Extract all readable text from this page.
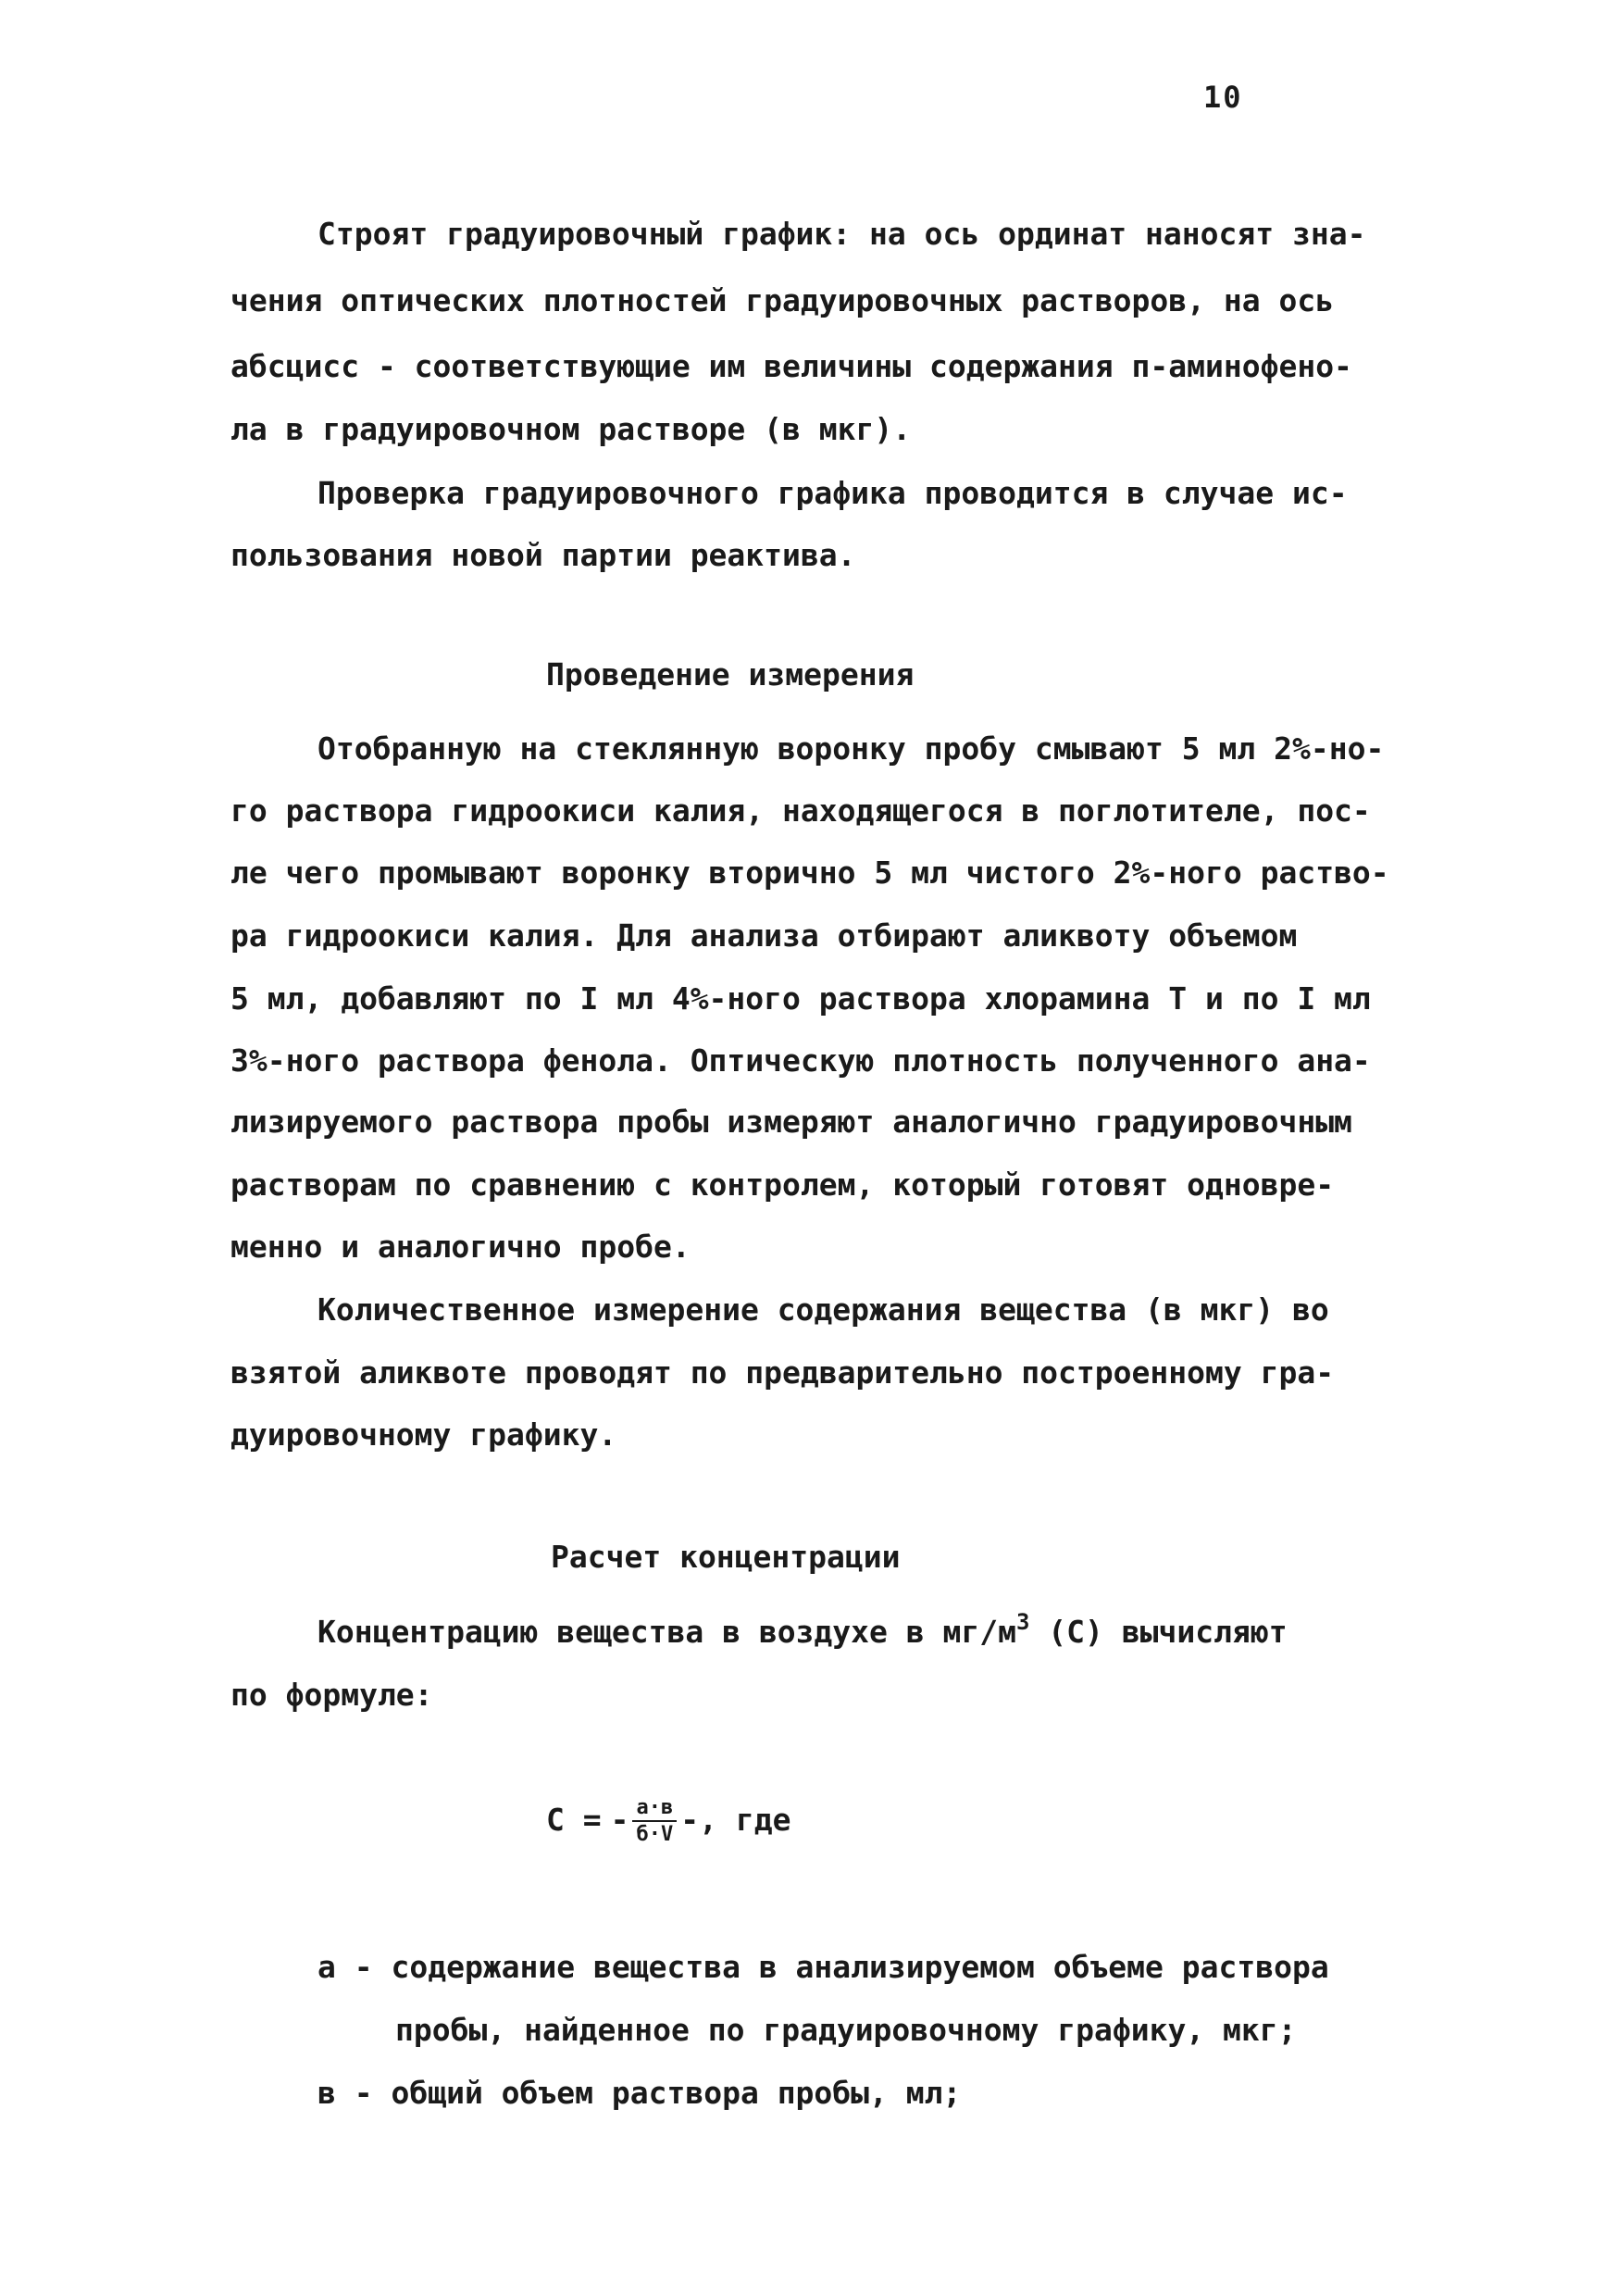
10
Строят градуировочный график: на ось ординат наносят зна-
чения оптических плотностей градуировочных растворов, на ось
абсцисс - соответствующие им величины содержания п-аминофено-
ла в градуировочном растворе (в мкг).
Проверка градуировочного графика проводится в случае ис-
пользования новой партии реактива.
Проведение измерения
Отобранную на стеклянную воронку пробу смывают 5 мл 2%-но-
го раствора гидроокиси калия, находящегося в поглотителе, пос-
ле чего промывают воронку вторично 5 мл чистого 2%-ного раство-
ра гидроокиси калия. Для анализа отбирают аликвоту объемом
5 мл, добавляют по I мл 4%-ного раствора хлорамина Т и по I мл
3%-ного раствора фенола. Оптическую плотность полученного ана-
лизируемого раствора пробы измеряют аналогично градуировочным
растворам по сравнению с контролем, который готовят одновре-
менно и аналогично пробе.
Количественное измерение содержания вещества (в мкг) во
взятой аликвоте проводят по предварительно построенному гра-
дуировочному графику.
Расчет концентрации
Концентрацию вещества в воздухе в $мг/м^3$ (С) вычисляют
по формуле:
С = - $\frac{а\cdot в}{б\cdot V}$ - , где
а - содержание вещества в анализируемом объеме раствора
пробы, найденное по градуировочному графику, мкг;
в - общий объем раствора пробы, мл;
